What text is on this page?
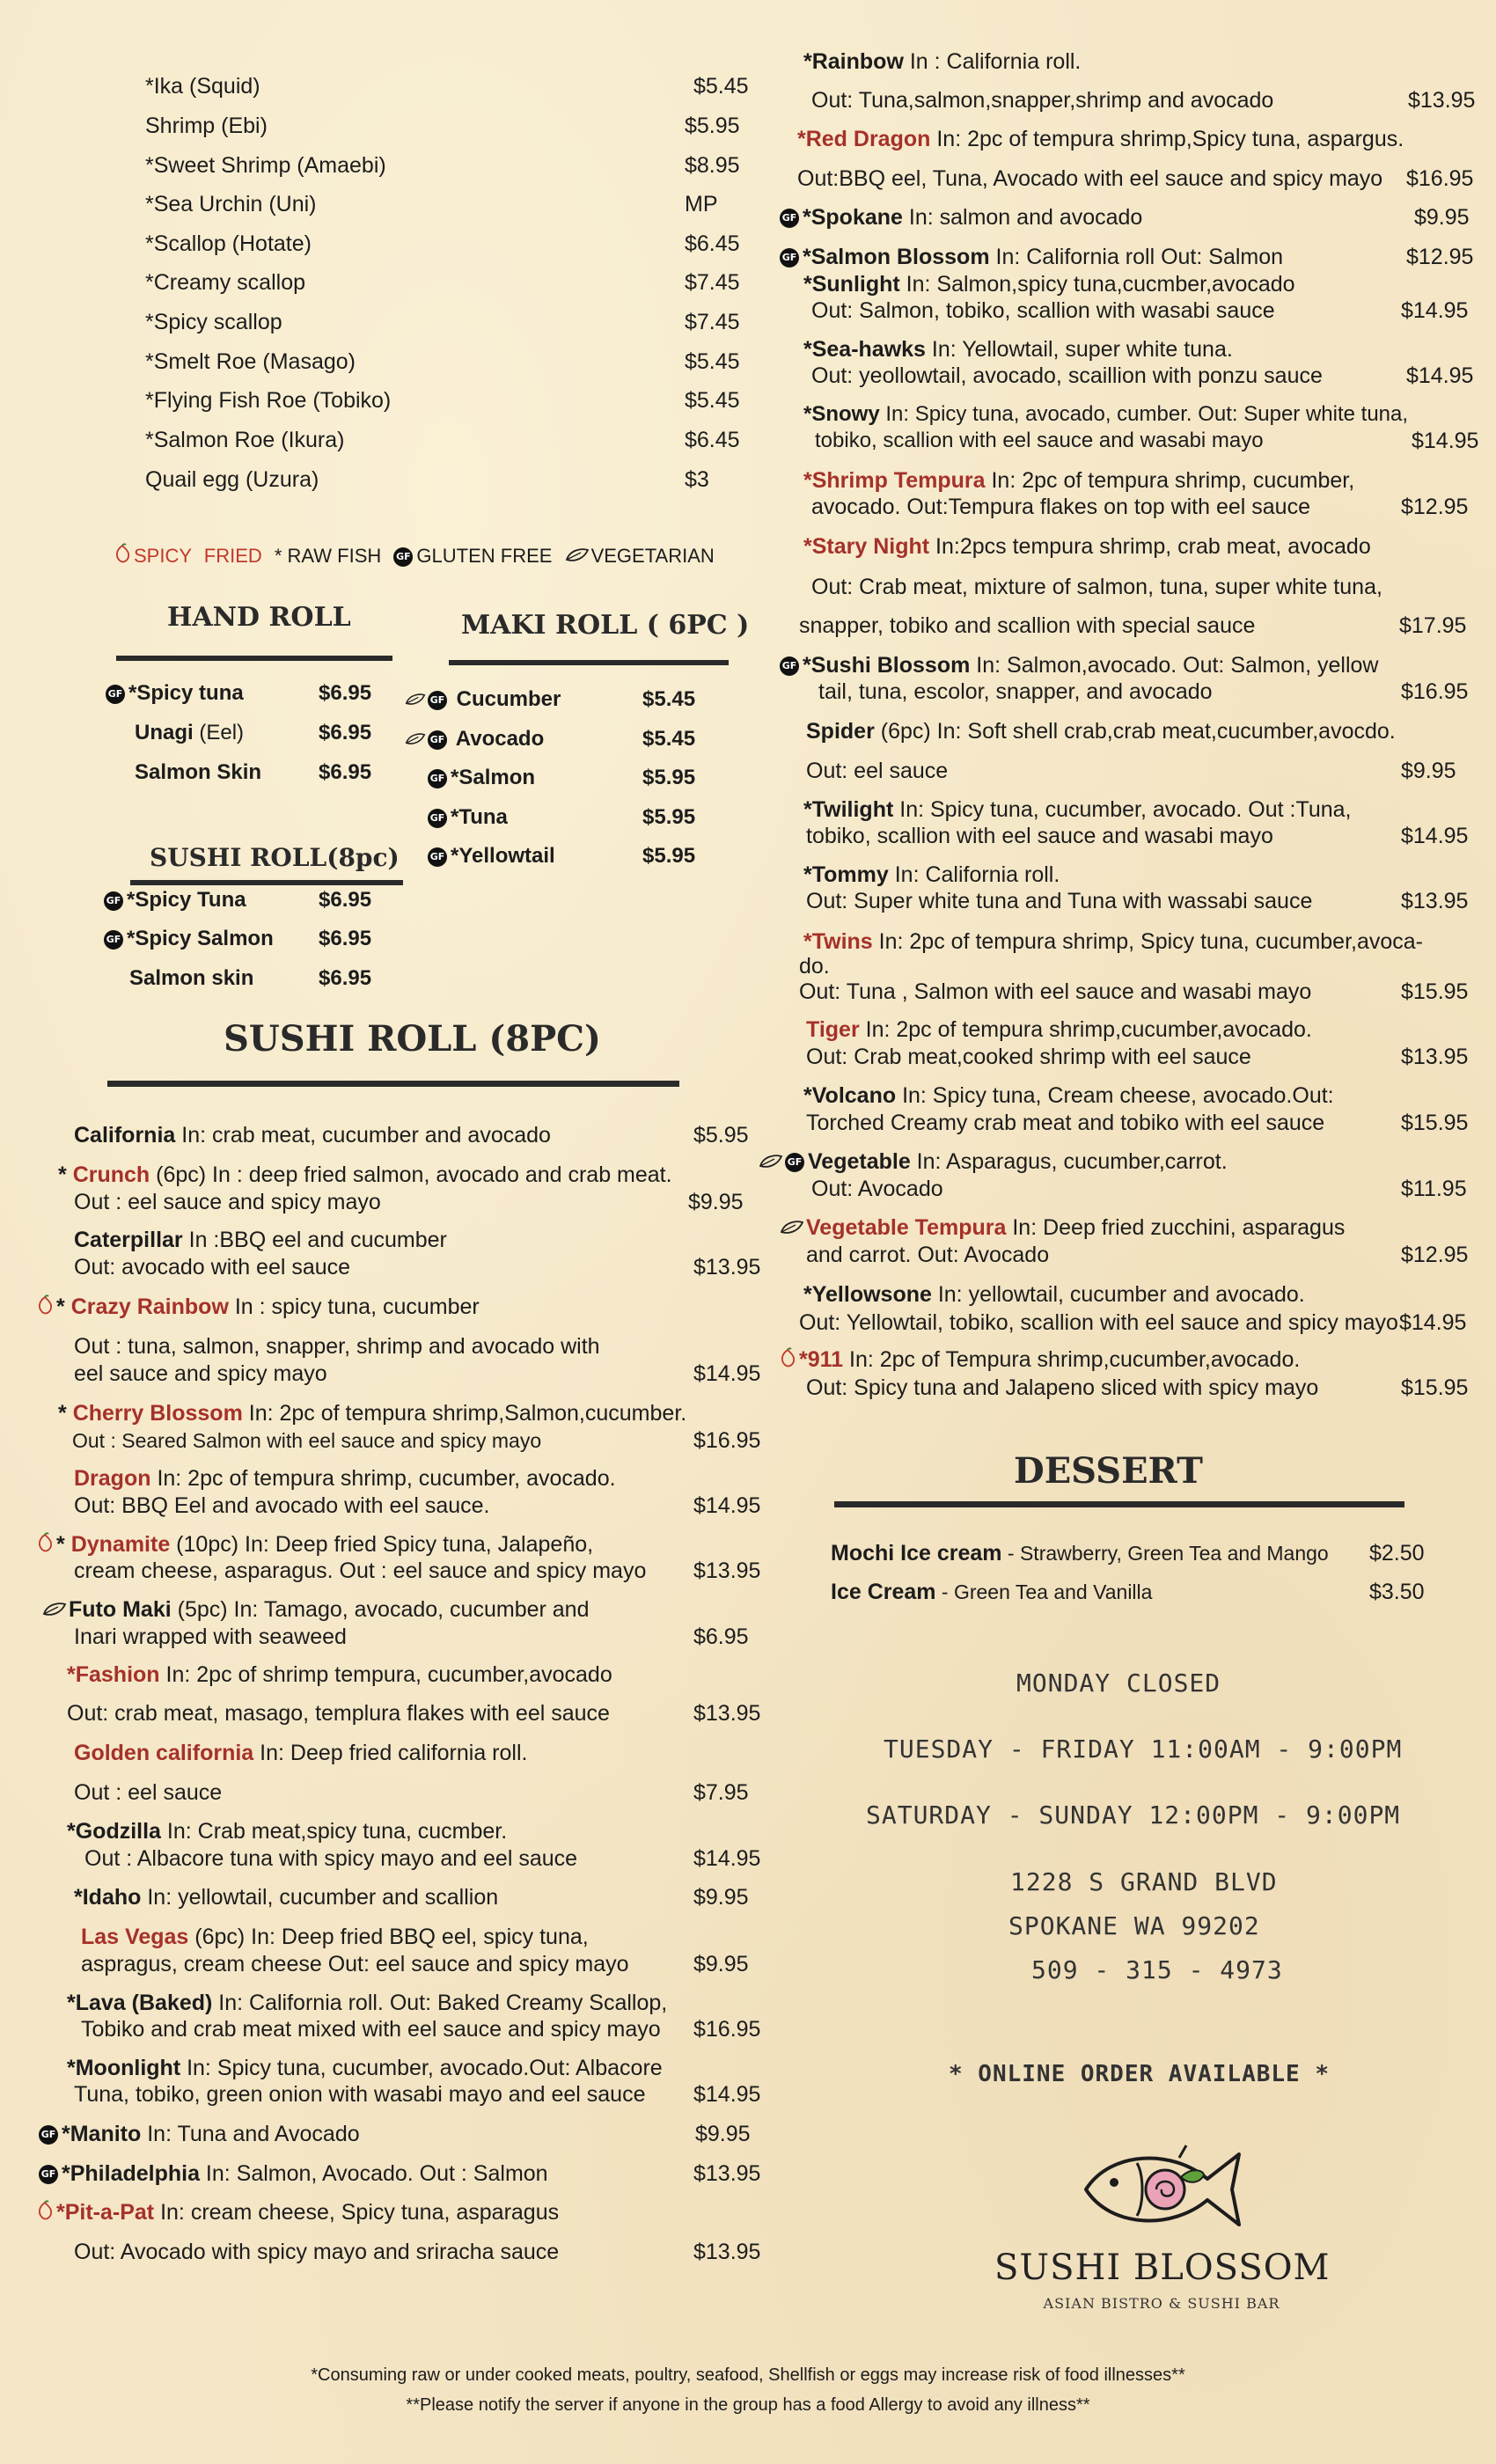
*Ika (Squid)	$5.45
Shrimp (Ebi)	$5.95
*Sweet Shrimp (Amaebi)	$8.95
*Sea Urchin (Uni)	MP
*Scallop (Hotate)	$6.45
*Creamy scallop	$7.45
*Spicy scallop	$7.45
*Smelt Roe (Masago)	$5.45
*Flying Fish Roe (Tobiko)	$5.45
*Salmon Roe (Ikura)	$6.45
Quail egg (Uzura)	$3
SPICY FRIED * RAW FISH GF GLUTEN FREE VEGETARIAN
HAND ROLL
GF *Spicy tuna	$6.95
Unagi (Eel)	$6.95
Salmon Skin	$6.95
MAKI ROLL ( 6PC )
GF Cucumber	$5.45
GF Avocado	$5.45
GF *Salmon	$5.95
GF *Tuna	$5.95
GF *Yellowtail	$5.95
SUSHI ROLL(8pc)
GF *Spicy Tuna	$6.95
GF *Spicy Salmon $6.95
Salmon skin	$6.95
SUSHI ROLL (8PC)
California In: crab meat, cucumber and avocado	$5.95
* Crunch (6pc) In : deep fried salmon, avocado and crab meat.
Out : eel sauce and spicy mayo	$9.95
Caterpillar In :BBQ eel and cucumber
Out: avocado with eel sauce	$13.95
* Crazy Rainbow In : spicy tuna, cucumber
Out : tuna, salmon, snapper, shrimp and avocado with
eel sauce and spicy mayo	$14.95
* Cherry Blossom In: 2pc of tempura shrimp,Salmon,cucumber.
Out : Seared Salmon with eel sauce and spicy mayo	$16.95
Dragon In: 2pc of tempura shrimp, cucumber, avocado.
Out: BBQ Eel and avocado with eel sauce.	$14.95
* Dynamite (10pc) In: Deep fried Spicy tuna, Jalapeño,
cream cheese, asparagus. Out : eel sauce and spicy mayo $13.95
Futo Maki (5pc) In: Tamago, avocado, cucumber and
Inari wrapped with seaweed	$6.95
*Fashion In: 2pc of shrimp tempura, cucumber,avocado
Out: crab meat, masago, templura flakes with eel sauce	$13.95
Golden california In: Deep fried california roll.
Out : eel sauce	$7.95
*Godzilla In: Crab meat,spicy tuna, cucmber.
Out : Albacore tuna with spicy mayo and eel sauce	$14.95
*Idaho In: yellowtail, cucumber and scallion	$9.95
Las Vegas (6pc) In: Deep fried BBQ eel, spicy tuna,
aspragus, cream cheese Out: eel sauce and spicy mayo	$9.95
*Lava (Baked) In: California roll. Out: Baked Creamy Scallop,
Tobiko and crab meat mixed with eel sauce and spicy mayo $16.95
*Moonlight In: Spicy tuna, cucumber, avocado.Out: Albacore
Tuna, tobiko, green onion with wasabi mayo and eel sauce $14.95
GF *Manito In: Tuna and Avocado	$9.95
GF *Philadelphia In: Salmon, Avocado. Out : Salmon	$13.95
*Pit-a-Pat In: cream cheese, Spicy tuna, asparagus
Out: Avocado with spicy mayo and sriracha sauce	$13.95
*Rainbow In : California roll.
Out: Tuna,salmon,snapper,shrimp and avocado	$13.95
*Red Dragon In: 2pc of tempura shrimp,Spicy tuna, aspargus.
Out:BBQ eel, Tuna, Avocado with eel sauce and spicy mayo $16.95
GF *Spokane In: salmon and avocado	$9.95
GF *Salmon Blossom In: California roll Out: Salmon	$12.95
*Sunlight In: Salmon,spicy tuna,cucmber,avocado
Out: Salmon, tobiko, scallion with wasabi sauce	$14.95
*Sea-hawks In: Yellowtail, super white tuna.
Out: yeollowtail, avocado, scaillion with ponzu sauce	$14.95
*Snowy In: Spicy tuna, avocado, cumber. Out: Super white tuna,
tobiko, scallion with eel sauce and wasabi mayo	$14.95
*Shrimp Tempura In: 2pc of tempura shrimp, cucumber,
avocado. Out:Tempura flakes on top with eel sauce	$12.95
*Stary Night In:2pcs tempura shrimp, crab meat, avocado
Out: Crab meat, mixture of salmon, tuna, super white tuna,
snapper, tobiko and scallion with special sauce	$17.95
GF *Sushi Blossom In: Salmon,avocado. Out: Salmon, yellow
tail, tuna, escolor, snapper, and avocado	$16.95
Spider (6pc) In: Soft shell crab,crab meat,cucumber,avocdo.
Out: eel sauce	$9.95
*Twilight In: Spicy tuna, cucumber, avocado. Out :Tuna,
tobiko, scallion with eel sauce and wasabi mayo	$14.95
*Tommy In: California roll.
Out: Super white tuna and Tuna with wassabi sauce	$13.95
*Twins In: 2pc of tempura shrimp, Spicy tuna, cucumber,avoca-
do.
Out: Tuna , Salmon with eel sauce and wasabi mayo	$15.95
Tiger In: 2pc of tempura shrimp,cucumber,avocado.
Out: Crab meat,cooked shrimp with eel sauce	$13.95
*Volcano In: Spicy tuna, Cream cheese, avocado.Out:
Torched Creamy crab meat and tobiko with eel sauce	$15.95
GF Vegetable In: Asparagus, cucumber,carrot.
Out: Avocado	$11.95
Vegetable Tempura In: Deep fried zucchini, asparagus
and carrot. Out: Avocado	$12.95
*Yellowsone In: yellowtail, cucumber and avocado.
Out: Yellowtail, tobiko, scallion with eel sauce and spicy mayo $14.95
*911 In: 2pc of Tempura shrimp,cucumber,avocado.
Out: Spicy tuna and Jalapeno sliced with spicy mayo	$15.95
DESSERT
Mochi Ice cream - Strawberry, Green Tea and Mango $2.50
Ice Cream - Green Tea and Vanilla	$3.50
MONDAY CLOSED
TUESDAY - FRIDAY 11:00AM - 9:00PM
SATURDAY - SUNDAY 12:00PM - 9:00PM
1228 S GRAND BLVD
SPOKANE WA 99202
509 - 315 - 4973
* ONLINE ORDER AVAILABLE *
SUSHI BLOSSOM
ASIAN BISTRO & SUSHI BAR
*Consuming raw or under cooked meats, poultry, seafood, Shellfish or eggs may increase risk of food illnesses**
**Please notify the server if anyone in the group has a food Allergy to avoid any illness**
